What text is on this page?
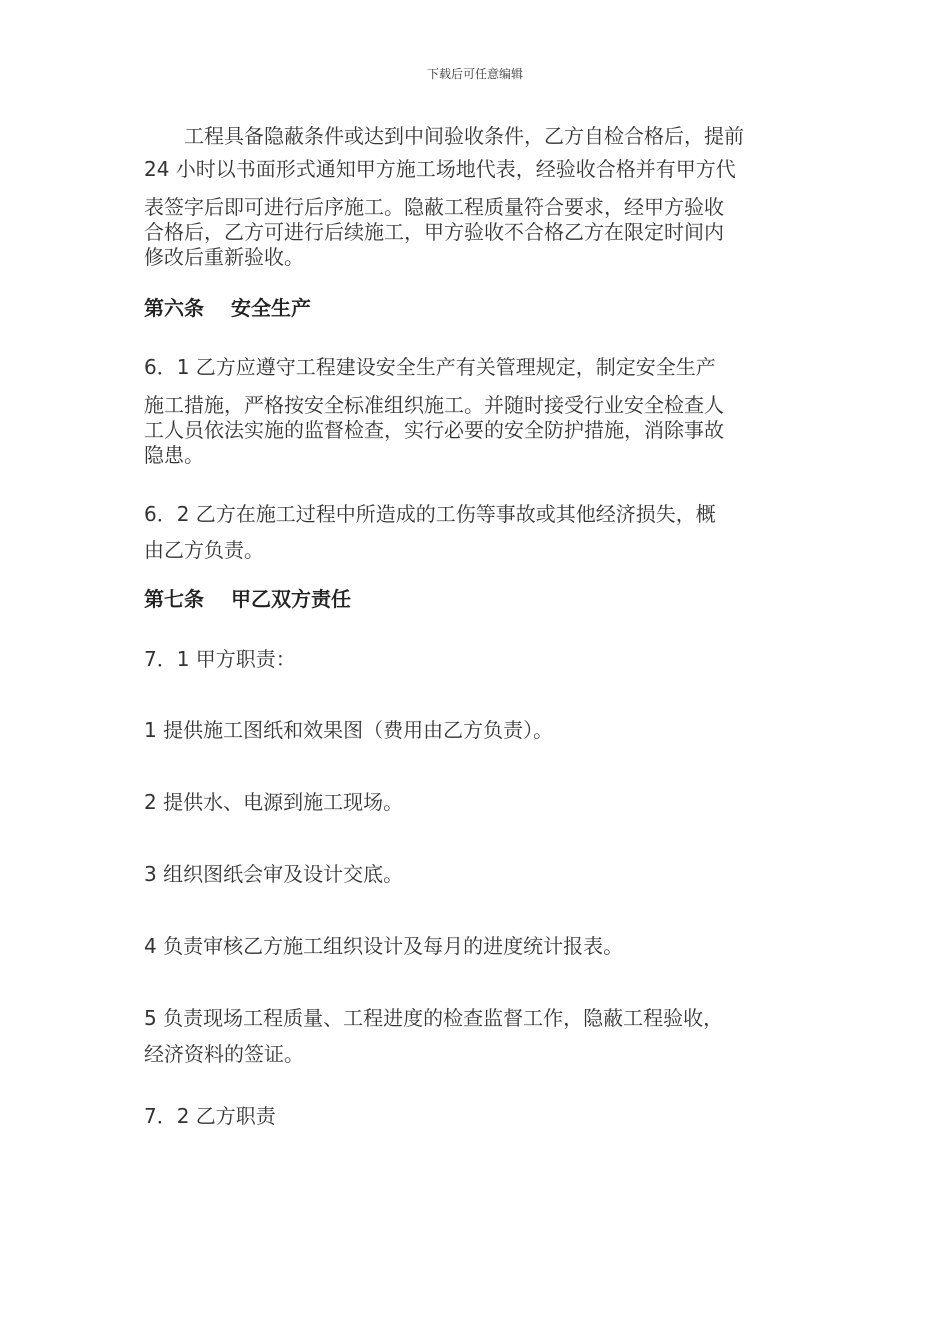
下载后可任意编辑
　　工程具备隐蔽条件或达到中间验收条件，乙方自检合格后，提前
24 小时以书面形式通知甲方施工场地代表，经验收合格并有甲方代
表签字后即可进行后序施工。隐蔽工程质量符合要求，经甲方验收
合格后，乙方可进行后续施工，甲方验收不合格乙方在限定时间内
修改后重新验收。
第六条　 安全生产
6．1 乙方应遵守工程建设安全生产有关管理规定，制定安全生产
施工措施，严格按安全标准组织施工。并随时接受行业安全检查人
工人员依法实施的监督检查，实行必要的安全防护措施，消除事故
隐患。
6．2 乙方在施工过程中所造成的工伤等事故或其他经济损失，概
由乙方负责。
第七条　 甲乙双方责任
7．1 甲方职责：
1 提供施工图纸和效果图（费用由乙方负责）。
2 提供水、电源到施工现场。
3 组织图纸会审及设计交底。
4 负责审核乙方施工组织设计及每月的进度统计报表。
5 负责现场工程质量、工程进度的检查监督工作，隐蔽工程验收，
经济资料的签证。
7．2 乙方职责
